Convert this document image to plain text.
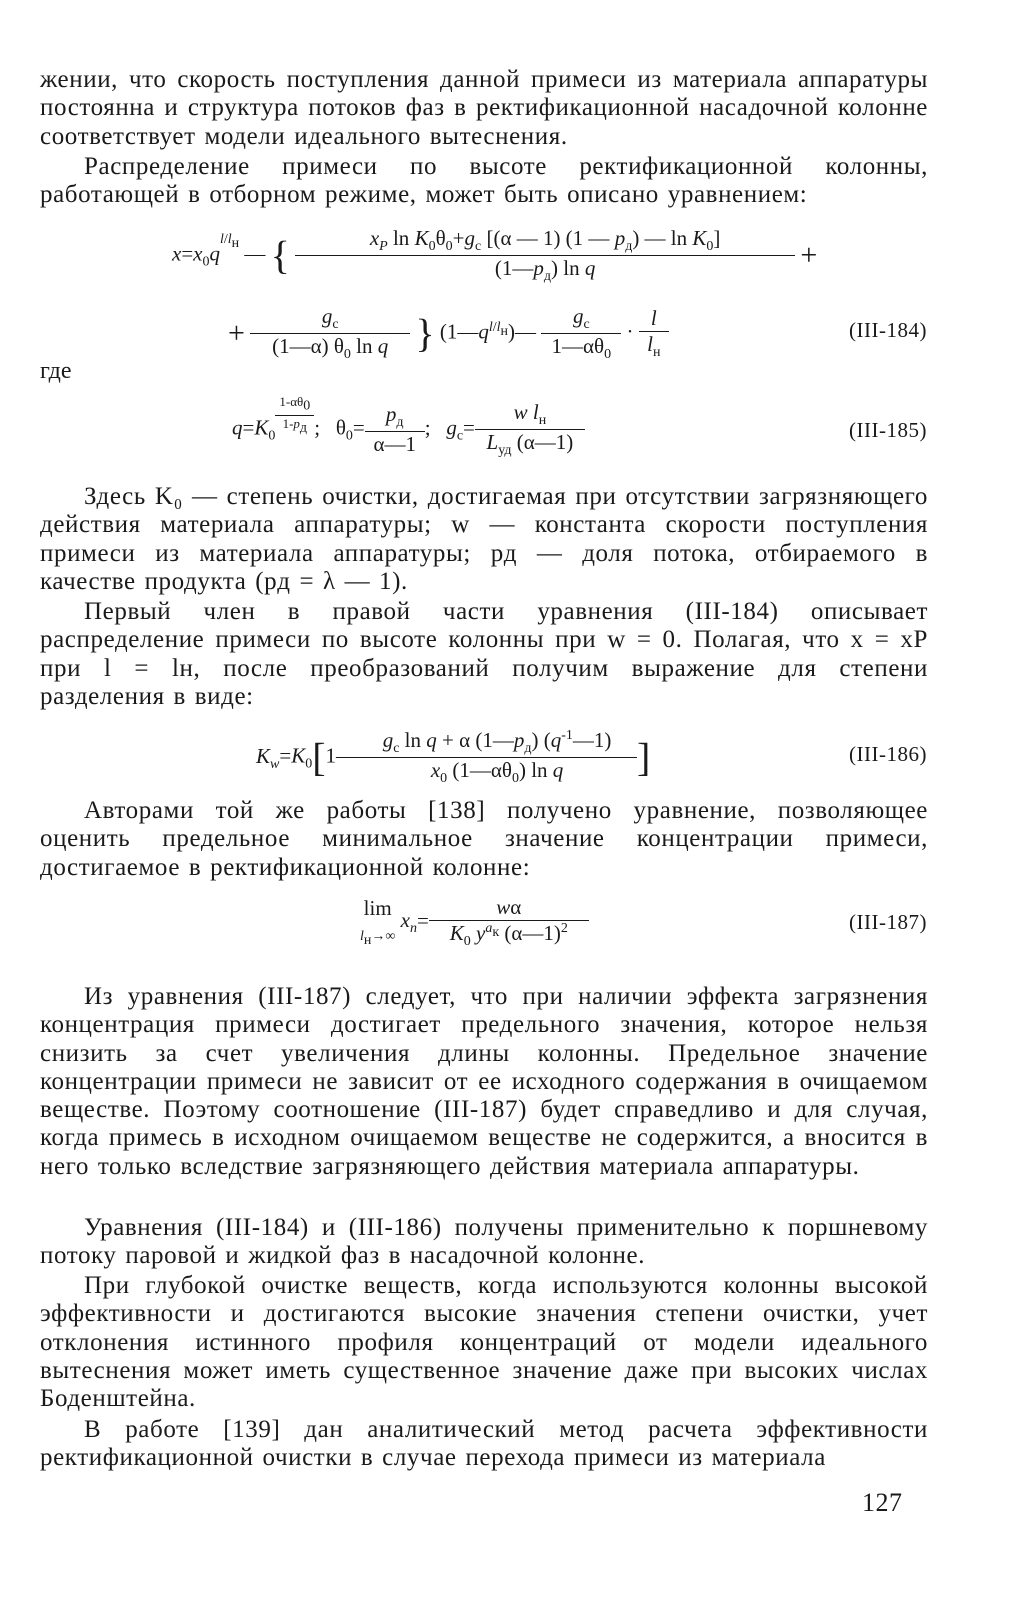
жении, что скорость поступления данной примеси из материала аппаратуры постоянна и структура потоков фаз в ректификационной насадочной колонне соответствует модели идеального вытеснения.
Распределение примеси по высоте ректификационной колонны, работающей в отборном режиме, может быть описано уравнением:
$x=x_0q^{l/l_н}$ — { $\frac{x_P \ln K_0\theta_0+g_c [(\alpha — 1) (1 — p_д) — \ln K_0]}{(1—p_д) \ln q}$ +
+ $\frac{g_c}{(1—\alpha) \theta_0 \ln q}$ } $(1—q^{l/l_н})— \frac{g_c}{1—\alpha\theta_0} \cdot \frac{l}{l_н}$	(III-184)
где
$q=K_0$ $^{\frac{1-\alpha\theta_0}{1-p_д}}$ ;   $\theta_0= \frac{p_д}{\alpha—1}$ ;   $g_c= \frac{w l_н}{L_{уд} (\alpha—1)}$	(III-185)
Здесь K₀ — степень очистки, достигаемая при отсутствии загрязняющего действия материала аппаратуры; w — константа скорости поступления примеси из материала аппаратуры; pд — доля потока, отбираемого в качестве продукта (pд = λ — 1).
Первый член в правой части уравнения (III-184) описывает распределение примеси по высоте колонны при w = 0. Полагая, что x = xP при l = lн, после преобразований получим выражение для степени разделения в виде:
$K_w=K_0[1— \frac{g_c \ln q + \alpha (1—p_д) (q^{-1}—1)}{x_0 (1—\alpha\theta_0) \ln q}$ ]	(III-186)
Авторами той же работы [138] получено уравнение, позволяющее оценить предельное минимальное значение концентрации примеси, достигаемое в ректификационной колонне:
lim
$l_н\to\infty$ $x_n= \frac{w\alpha}{K_0 y^{a_к} (\alpha—1)^2}$	(III-187)
Из уравнения (III-187) следует, что при наличии эффекта загрязнения концентрация примеси достигает предельного значения, которое нельзя снизить за счет увеличения длины колонны. Предельное значение концентрации примеси не зависит от ее исходного содержания в очищаемом веществе. Поэтому соотношение (III-187) будет справедливо и для случая, когда примесь в исходном очищаемом веществе не содержится, а вносится в него только вследствие загрязняющего действия материала аппаратуры.
Уравнения (III-184) и (III-186) получены применительно к поршневому потоку паровой и жидкой фаз в насадочной колонне.
При глубокой очистке веществ, когда используются колонны высокой эффективности и достигаются высокие значения степени очистки, учет отклонения истинного профиля концентраций от модели идеального вытеснения может иметь существенное значение даже при высоких числах Боденштейна.
В работе [139] дан аналитический метод расчета эффективности ректификационной очистки в случае перехода примеси из материала
127
